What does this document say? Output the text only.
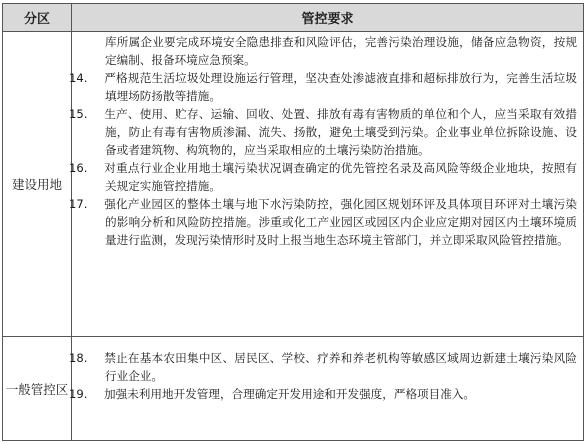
分区	管控要求
建设用地	库所属企业要完成环境安全隐患排查和风险评估，完善污染治理设施，储备应急物资，按规定编制、报备环境应急预案。
14. 严格规范生活垃圾处理设施运行管理，坚决查处渗滤液直排和超标排放行为，完善生活垃圾填埋场防扬散等措施。
15. 生产、使用、贮存、运输、回收、处置、排放有毒有害物质的单位和个人，应当采取有效措施，防止有毒有害物质渗漏、流失、扬散，避免土壤受到污染。企业事业单位拆除设施、设备或者建筑物、构筑物的，应当采取相应的土壤污染防治措施。
16. 对重点行业企业用地土壤污染状况调查确定的优先管控名录及高风险等级企业地块，按照有关规定实施管控措施。
17. 强化产业园区的整体土壤与地下水污染防控，强化园区规划环评及具体项目环评对土壤污染的影响分析和风险防控措施。涉重或化工产业园区或园区内企业应定期对园区内土壤环境质量进行监测，发现污染情形时及时上报当地生态环境主管部门，并立即采取风险管控措施。

一般管控区	18. 禁止在基本农田集中区、居民区、学校、疗养和养老机构等敏感区域周边新建土壤污染风险行业企业。
19. 加强未利用地开发管理，合理确定开发用途和开发强度，严格项目准入。
